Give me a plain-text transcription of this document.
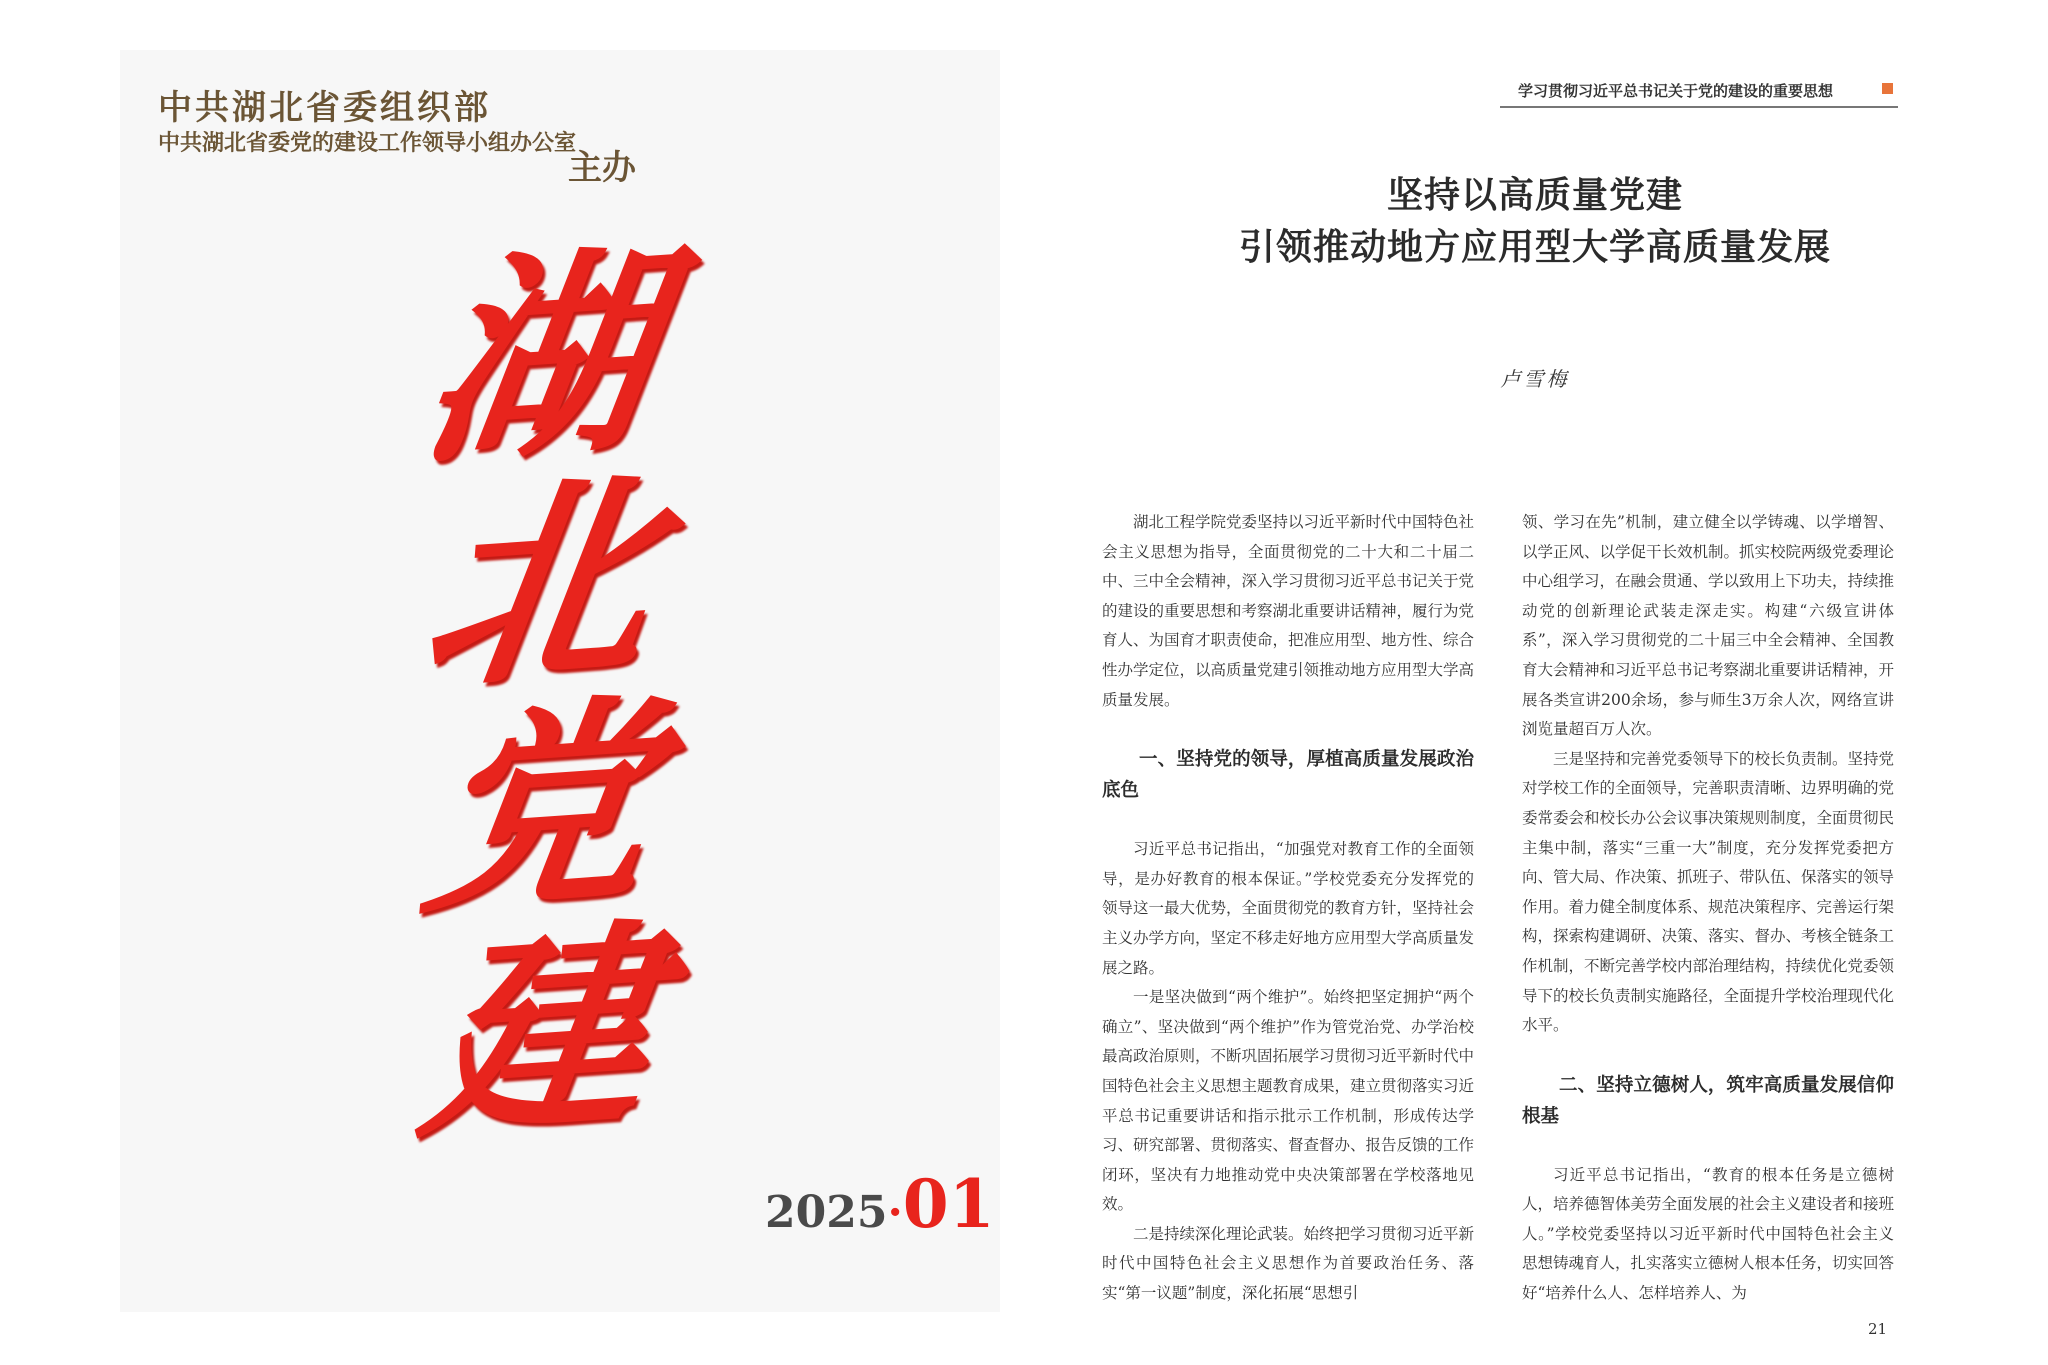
中共湖北省委组织部
中共湖北省委党的建设工作领导小组办公室
主办
湖
北
党
建
2025·01
学习贯彻习近平总书记关于党的建设的重要思想
坚持以高质量党建
引领推动地方应用型大学高质量发展
卢雪梅

湖北工程学院党委坚持以习近平新时代中国特色社会主义思想为指导，全面贯彻党的二十大和二十届二中、三中全会精神，深入学习贯彻习近平总书记关于党的建设的重要思想和考察湖北重要讲话精神，履行为党育人、为国育才职责使命，把准应用型、地方性、综合性办学定位，以高质量党建引领推动地方应用型大学高质量发展。

一、坚持党的领导，厚植高质量发展政治底色

习近平总书记指出，“加强党对教育工作的全面领导，是办好教育的根本保证。”学校党委充分发挥党的领导这一最大优势，全面贯彻党的教育方针，坚持社会主义办学方向，坚定不移走好地方应用型大学高质量发展之路。

一是坚决做到“两个维护”。始终把坚定拥护“两个确立”、坚决做到“两个维护”作为管党治党、办学治校最高政治原则，不断巩固拓展学习贯彻习近平新时代中国特色社会主义思想主题教育成果，建立贯彻落实习近平总书记重要讲话和指示批示工作机制，形成传达学习、研究部署、贯彻落实、督查督办、报告反馈的工作闭环，坚决有力地推动党中央决策部署在学校落地见效。

二是持续深化理论武装。始终把学习贯彻习近平新时代中国特色社会主义思想作为首要政治任务、落实“第一议题”制度，深化拓展“思想引

领、学习在先”机制，建立健全以学铸魂、以学增智、以学正风、以学促干长效机制。抓实校院两级党委理论中心组学习，在融会贯通、学以致用上下功夫，持续推动党的创新理论武装走深走实。构建“六级宣讲体系”，深入学习贯彻党的二十届三中全会精神、全国教育大会精神和习近平总书记考察湖北重要讲话精神，开展各类宣讲200余场，参与师生3万余人次，网络宣讲浏览量超百万人次。

三是坚持和完善党委领导下的校长负责制。坚持党对学校工作的全面领导，完善职责清晰、边界明确的党委常委会和校长办公会议事决策规则制度，全面贯彻民主集中制，落实“三重一大”制度，充分发挥党委把方向、管大局、作决策、抓班子、带队伍、保落实的领导作用。着力健全制度体系、规范决策程序、完善运行架构，探索构建调研、决策、落实、督办、考核全链条工作机制，不断完善学校内部治理结构，持续优化党委领导下的校长负责制实施路径，全面提升学校治理现代化水平。

二、坚持立德树人，筑牢高质量发展信仰根基

习近平总书记指出，“教育的根本任务是立德树人，培养德智体美劳全面发展的社会主义建设者和接班人。”学校党委坚持以习近平新时代中国特色社会主义思想铸魂育人，扎实落实立德树人根本任务，切实回答好“培养什么人、怎样培养人、为

21
